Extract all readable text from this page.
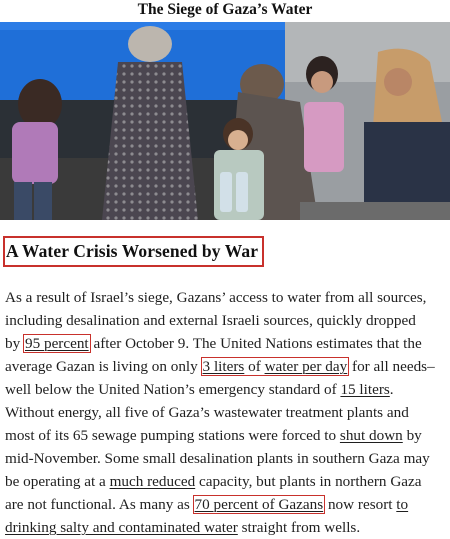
The Siege of Gaza’s Water
A Water Crisis Worsened by War
As a result of Israel’s siege, Gazans’ access to water from all sources,
including desalination and external Israeli sources, quickly dropped
by 95 percent after October 9. The United Nations estimates that the
average Gazan is living on only 3 liters of water per day for all needs–
well below the United Nation’s emergency standard of 15 liters.
Without energy, all five of Gaza’s wastewater treatment plants and
most of its 65 sewage pumping stations were forced to shut down by
mid-November. Some small desalination plants in southern Gaza may
be operating at a much reduced capacity, but plants in northern Gaza
are not functional. As many as 70 percent of Gazans now resort to
drinking salty and contaminated water straight from wells.
